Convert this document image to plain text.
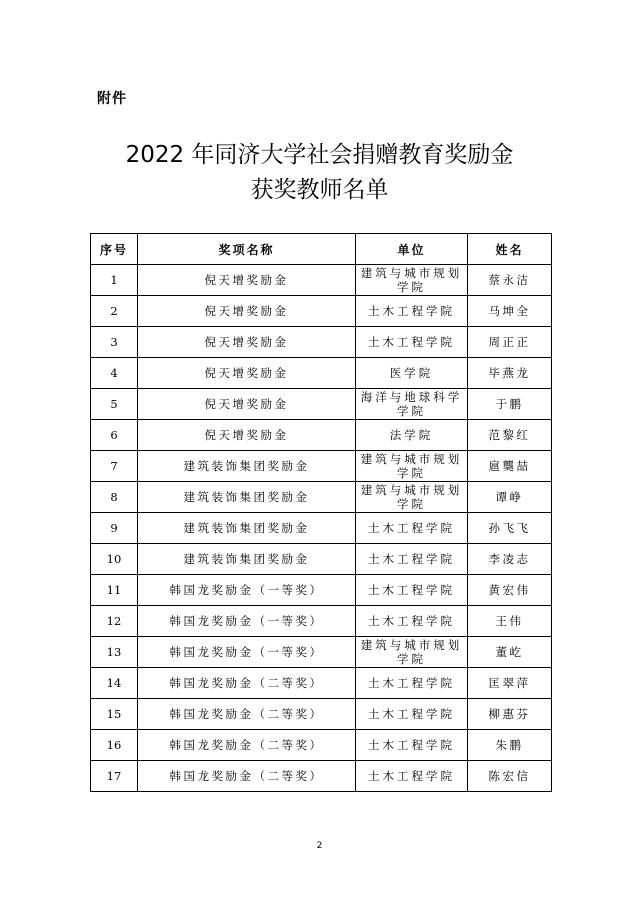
附件
2022 年同济大学社会捐赠教育奖励金
获奖教师名单
序号	奖项名称	单位	姓名
1	倪天增奖励金	建筑与城市规划学院	蔡永洁
2	倪天增奖励金	土木工程学院	马坤全
3	倪天增奖励金	土木工程学院	周正正
4	倪天增奖励金	医学院	毕燕龙
5	倪天增奖励金	海洋与地球科学学院	于鹏
6	倪天增奖励金	法学院	范黎红
7	建筑装饰集团奖励金	建筑与城市规划学院	扈龑喆
8	建筑装饰集团奖励金	建筑与城市规划学院	谭峥
9	建筑装饰集团奖励金	土木工程学院	孙飞飞
10	建筑装饰集团奖励金	土木工程学院	李凌志
11	韩国龙奖励金（一等奖）	土木工程学院	黄宏伟
12	韩国龙奖励金（一等奖）	土木工程学院	王伟
13	韩国龙奖励金（一等奖）	建筑与城市规划学院	董屹
14	韩国龙奖励金（二等奖）	土木工程学院	匡翠萍
15	韩国龙奖励金（二等奖）	土木工程学院	柳惠芬
16	韩国龙奖励金（二等奖）	土木工程学院	朱鹏
17	韩国龙奖励金（二等奖）	土木工程学院	陈宏信
2
